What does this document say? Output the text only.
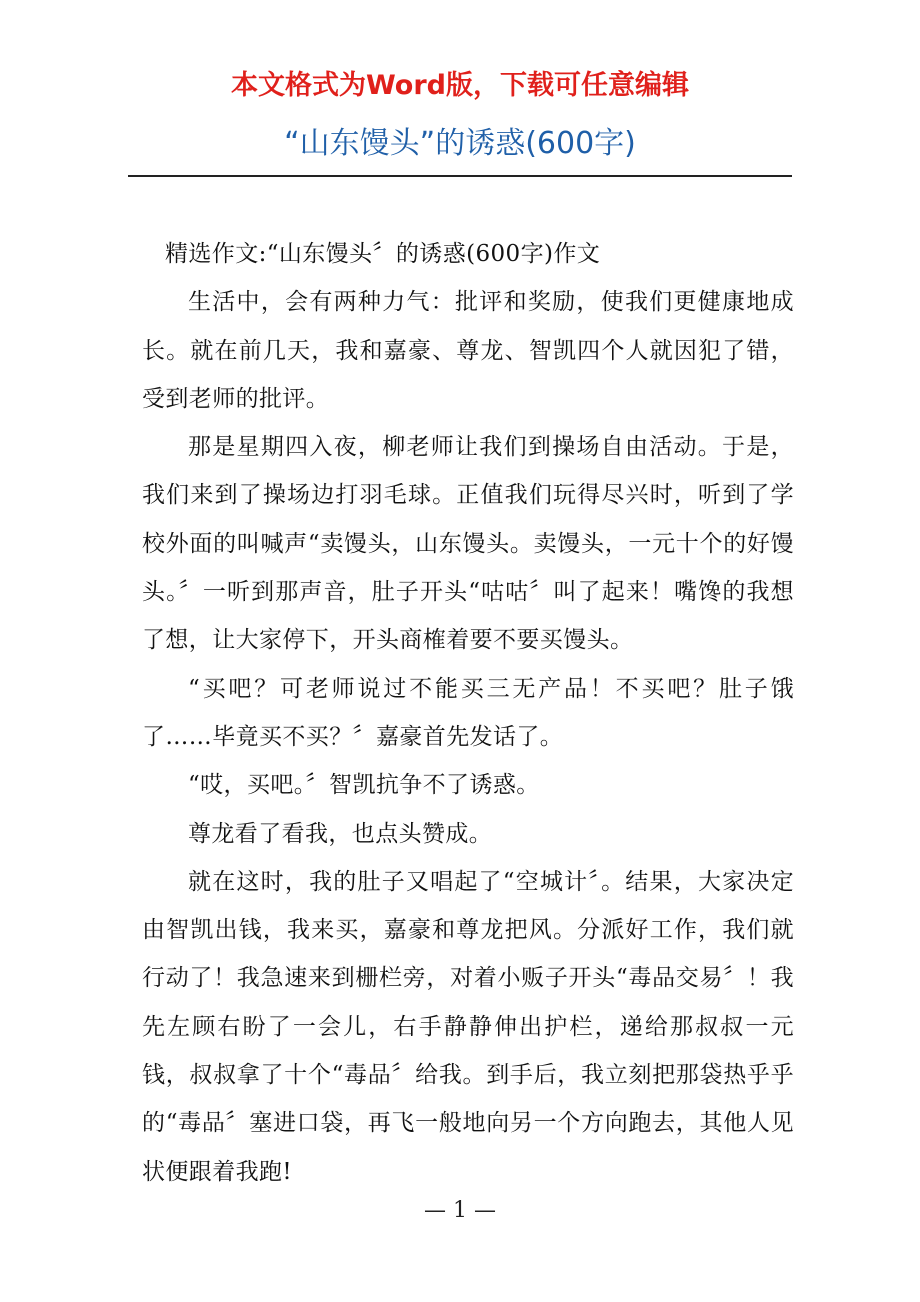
本文格式为Word版，下载可任意编辑
“山东馒头”的诱惑(600字)

精选作文:“山东馒头〞的诱惑(600字)作文

生活中，会有两种力气：批评和奖励，使我们更健康地成长。就在前几天，我和嘉豪、尊龙、智凯四个人就因犯了错，受到老师的批评。

那是星期四入夜，柳老师让我们到操场自由活动。于是，我们来到了操场边打羽毛球。正值我们玩得尽兴时，听到了学校外面的叫喊声“卖馒头，山东馒头。卖馒头，一元十个的好馒头。〞一听到那声音，肚子开头“咕咕〞叫了起来！嘴馋的我想了想，让大家停下，开头商榷着要不要买馒头。

“买吧？可老师说过不能买三无产品！不买吧？肚子饿了……毕竟买不买？〞嘉豪首先发话了。

“哎，买吧。〞智凯抗争不了诱惑。

尊龙看了看我，也点头赞成。

就在这时，我的肚子又唱起了“空城计〞。结果，大家决定由智凯出钱，我来买，嘉豪和尊龙把风。分派好工作，我们就行动了！我急速来到栅栏旁，对着小贩子开头“毒品交易〞！我先左顾右盼了一会儿，右手静静伸出护栏，递给那叔叔一元钱，叔叔拿了十个“毒品〞给我。到手后，我立刻把那袋热乎乎的“毒品〞塞进口袋，再飞一般地向另一个方向跑去，其他人见状便跟着我跑!

— 1 —
